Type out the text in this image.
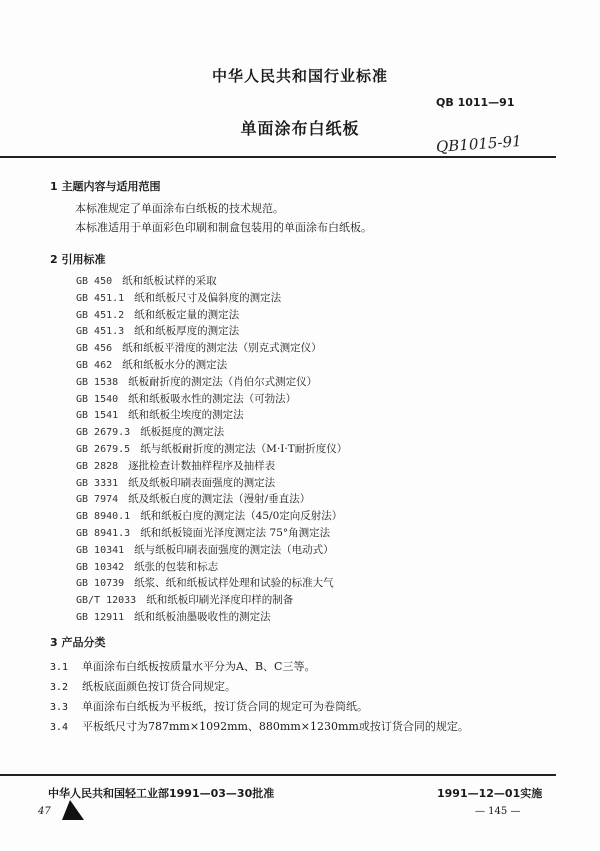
中华人民共和国行业标准
QB 1011—91
单面涂布白纸板
QB1015-91
1 主题内容与适用范围
本标准规定了单面涂布白纸板的技术规范。
本标准适用于单面彩色印刷和制盒包装用的单面涂布白纸板。
2 引用标准
GB 450 纸和纸板试样的采取
GB 451.1 纸和纸板尺寸及偏斜度的测定法
GB 451.2 纸和纸板定量的测定法
GB 451.3 纸和纸板厚度的测定法
GB 456 纸和纸板平滑度的测定法（别克式测定仪）
GB 462 纸和纸板水分的测定法
GB 1538 纸板耐折度的测定法（肖伯尔式测定仪）
GB 1540 纸和纸板吸水性的测定法（可勃法）
GB 1541 纸和纸板尘埃度的测定法
GB 2679.3 纸板挺度的测定法
GB 2679.5 纸与纸板耐折度的测定法（M·I·T耐折度仪）
GB 2828 逐批检查计数抽样程序及抽样表
GB 3331 纸及纸板印刷表面强度的测定法
GB 7974 纸及纸板白度的测定法（漫射/垂直法）
GB 8940.1 纸和纸板白度的测定法（45/0定向反射法）
GB 8941.3 纸和纸板镜面光泽度测定法 75°角测定法
GB 10341 纸与纸板印刷表面强度的测定法（电动式）
GB 10342 纸张的包装和标志
GB 10739 纸浆、纸和纸板试样处理和试验的标准大气
GB/T 12033 纸和纸板印刷光泽度印样的制备
GB 12911 纸和纸板油墨吸收性的测定法
3 产品分类
3.1 单面涂布白纸板按质量水平分为A、B、C三等。
3.2 纸板底面颜色按订货合同规定。
3.3 单面涂布白纸板为平板纸，按订货合同的规定可为卷筒纸。
3.4 平板纸尺寸为787mm×1092mm、880mm×1230mm或按订货合同的规定。
中华人民共和国轻工业部1991—03—30批准	1991—12—01实施
47	— 145 —
